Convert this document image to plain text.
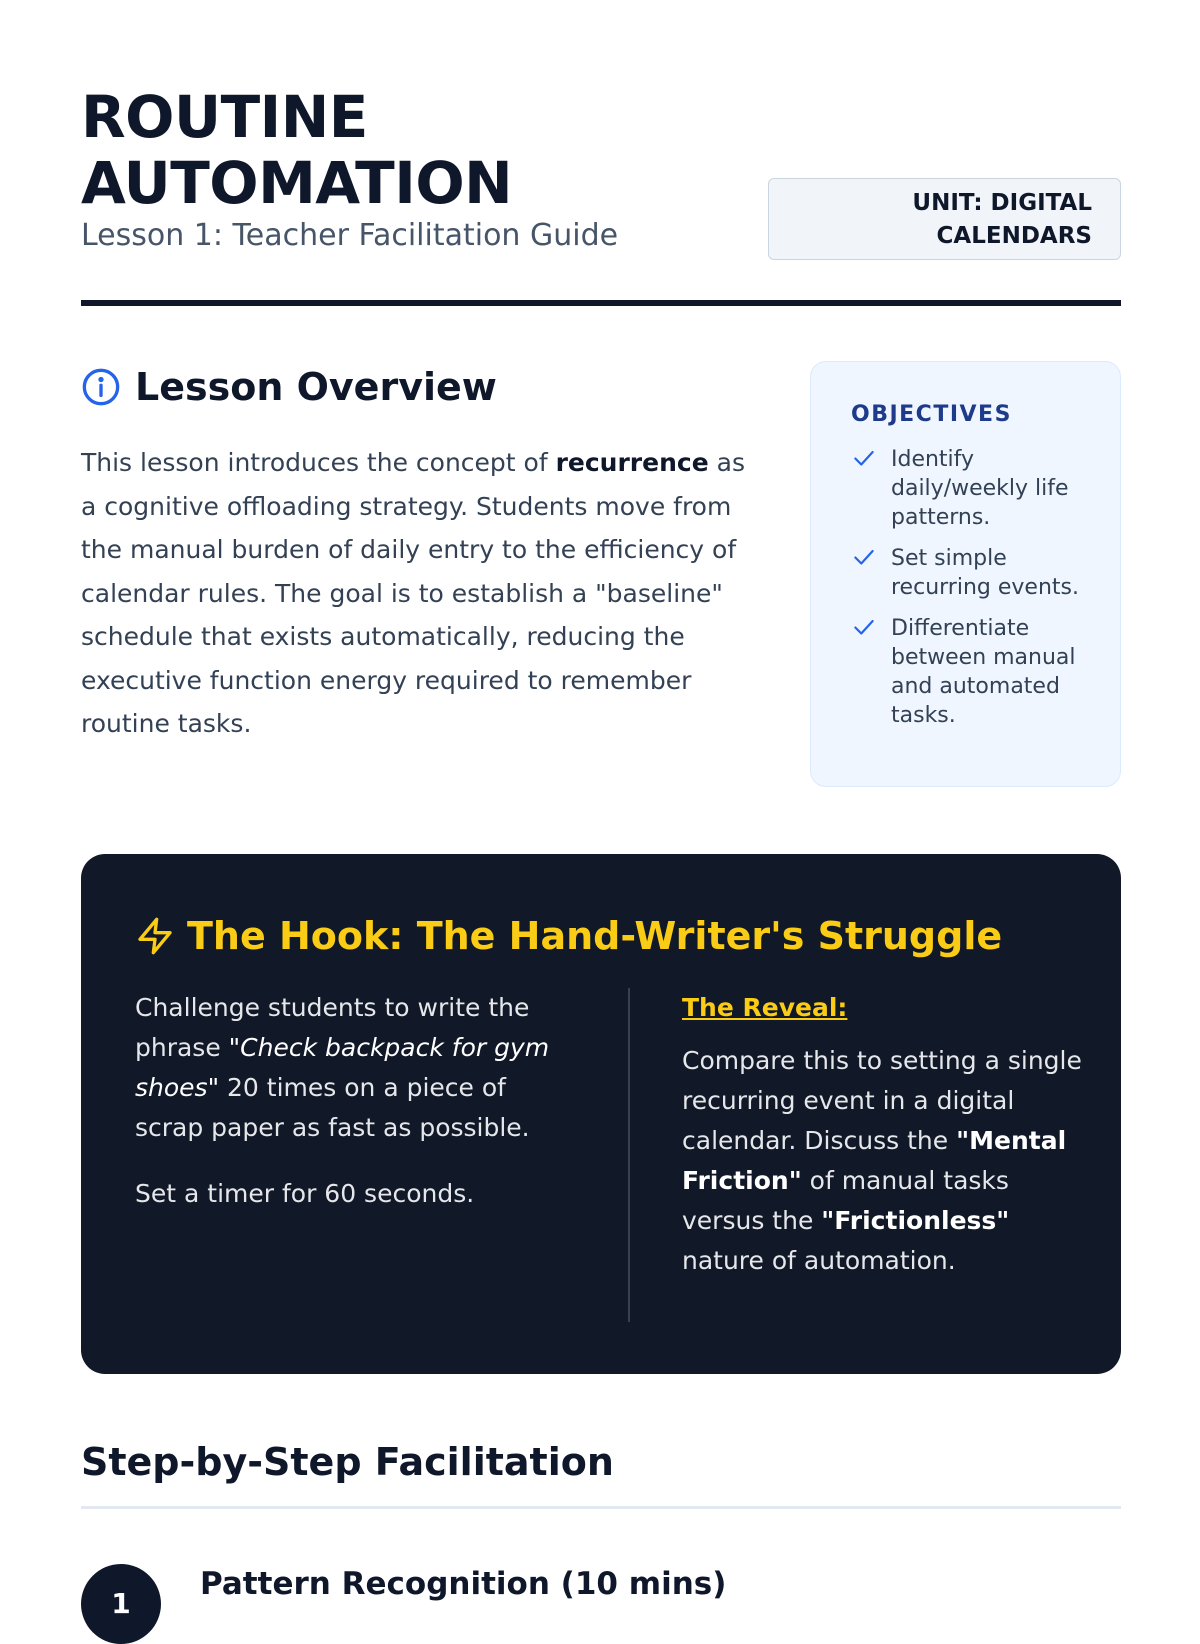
ROUTINE
AUTOMATION
Lesson 1: Teacher Facilitation Guide
UNIT: DIGITAL CALENDARS
Lesson Overview

This lesson introduces the concept of recurrence as a cognitive offloading strategy. Students move from the manual burden of daily entry to the efficiency of calendar rules. The goal is to establish a "baseline" schedule that exists automatically, reducing the executive function energy required to remember routine tasks.

OBJECTIVES
Identify daily/weekly life patterns.
Set simple recurring events.
Differentiate between manual and automated tasks.
The Hook: The Hand-Writer's Struggle

Challenge students to write the phrase "Check backpack for gym shoes" 20 times on a piece of scrap paper as fast as possible.

Set a timer for 60 seconds.

The Reveal:

Compare this to setting a single recurring event in a digital calendar. Discuss the "Mental Friction" of manual tasks versus the "Frictionless" nature of automation.

Step-by-Step Facilitation
1
Pattern Recognition (10 mins)
